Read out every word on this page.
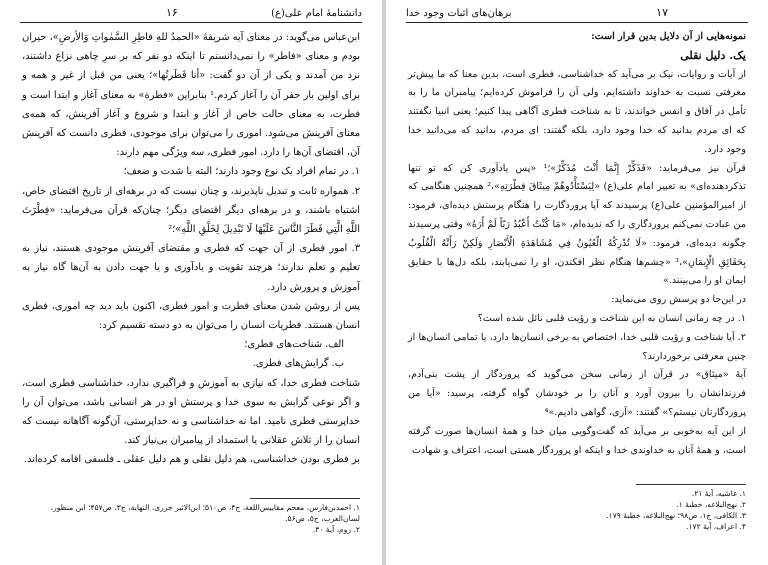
۱۶	دانشنامهٔ امام علی(ع)

ابن‌عباس می‌گوید: در معنای آیه شریفهٔ «الحمدُ للهِ فاطِرِ السَّمٰواتِ وَالأرضِ»، حیران بودم و معنای «فاطر» را نمی‌دانستم تا اینکه دو نفر که بر سرِ چاهی نزاع داشتند، نزد من آمدند و یکی از آن دو گفت: «أنا فَطَرتُها»؛ یعنی من قبل از غیر و همه و برای اولین بار حفر آن را آغاز کردم.¹ بنابراین «فطرة» به معنای آغاز و ابتدا است و فطرت، به معنای حالت خاص از آغاز و ابتدا و شروع و آغاز آفرینش، که همه‌ی معنای آفرینش می‌شود. اموری را می‌توان برای موجودی، فطری دانست که آفرینش آن، اقتضای آن‌ها را دارد. امور فطری، سه ویژگی مهم دارند:

۱. در تمام افراد یک نوع وجود دارند؛ البته با شدت و ضعف؛

۲. همواره ثابت و تبدیل ناپذیرند، و چنان نیست که در برهه‌ای از تاریخ اقتضای خاص، اشتیاه باشند، و در برهه‌ای دیگر اقتضای دیگر؛ چنان‌که قرآن می‌فرماید: «فِطْرَتَ اللَّهِ الَّتِي فَطَرَ النَّاسَ عَلَيْهَا لَا تَبْدِيلَ لِخَلْقِ اللَّهِ»؛²

۳. امور فطری از آن جهت که فطری و مقتضای آفرینش موجودی هستند، نیاز به تعلیم و تعلم ندارند؛ هرچند تقویت و یادآوری و یا جهت دادن به آن‌ها گاه نیاز به آموزش و پرورش دارد.

پس از روشن شدن معنای فطرت و امور فطری، اکنون باید دید چه اموری، فطری انسان هستند. فطریات انسان را می‌توان به دو دسته تقسیم کرد:

الف. شناخت‌های فطری؛

ب. گرایش‌های فطری.

شناخت فطری خدا، که نیازی به آموزش و فراگیری ندارد، خداشناسی فطری است، و اگر نوعی گرایش به سوی خدا و پرستش او در هر انسانی باشد، می‌توان آن را خداپرستی فطری نامید. اما نه خداشناسی و نه خداپرستی، آن‌گونه آگاهانه نیست که انسان را از تلاش عقلانی یا استمداد از پیامبران بی‌نیاز کند.

بر فطری بودن خداشناسی، هم دلیل نقلی و هم دلیل عقلی ـ فلسفی اقامه کرده‌اند.

۱. احمدبن‌فارس، معجم مقاییس‌اللغة، ج۴، ص۵۱۰؛ ابن‌الاثیر جزری، النهایة، ج۳، ص۴۵۷؛ ابن منظور، لسان‌العرب، ج۵، ص۵۶.
۲. روم، آیهٔ ۳۰.
۱۷
برهان‌های اثبات وجود خدا

نمونه‌هایی از آن دلایل بدین قرار است:

یک. دلیل نقلی

از آیات و روایات، نیک بر می‌آید که خداشناسی، فطری است، بدین معنا که ما پیش‌تر معرفتی نسبت به خداوند داشته‌ایم، ولی آن را فراموش کرده‌ایم؛ پیامبران ما را به تأمل در آفاق و انفس خواندند، تا به شناخت فطری آگاهی پیدا کنیم؛ یعنی انبیا نگفتند که ای مردم بدانید که خدا وجود دارد، بلکه گفتند: ای مردم، بدانید که می‌دانید خدا وجود دارد.

قرآن نیز می‌فرماید: «فَذَكِّرْ إِنَّمَا أَنْتَ مُذَكِّرٌ»؛¹ «پس یادآوری کن که تو تنها تذکردهنده‌ای» به تعبیر امام علی(ع) «لِيَسْتَأْدُوهُمْ مِيثَاقَ فِطْرَتِهِ»،² همچنین هنگامی که از امیرالمؤمنین علی(ع) پرسیدند که آیا پروردگارت را هنگام پرستش دیده‌ای، فرمود: من عبادت نمی‌کنم پروردگاری را که ندیده‌ام، «مَا كُنْتُ أَعْبُدُ رَبّاً لَمْ أَرَهُ» وقتی پرسیدند چگونه دیده‌ای، فرمود: «لَا تُدْرِكُهُ الْعُيُونُ فِي مُشَاهَدَةِ الْأَبْصَارِ وَلَكِنْ رَأَتْهُ الْقُلُوبُ بِحَقَائِقِ الْإِيمَانِ»،³ «چشم‌ها هنگام نظر افکندن، او را نمی‌یابند، بلکه دل‌ها با حقایق ایمان او را می‌بینند.»

در این‌جا دو پرسش روی می‌نماید:

۱. در چه زمانی انسان به این شناخت و رؤیت قلبی نائل شده است؟

۲. آیا شناخت و رؤیت قلبی خدا، اختصاص به برخی انسان‌ها دارد، یا تمامی انسان‌ها از چنین معرفتی برخوردارند؟

آیهٔ «میثاق» در قرآن از زمانی سخن می‌گوید که پروردگار از پشت بنی‌آدم، فرزندانشان را بیرون آورد و آنان را بر خودشان گواه گرفته، پرسید: «آیا من پروردگارتان نیستم؟» گفتند: «آری، گواهی دادیم.»⁴

از این آیه به‌خوبی بر می‌آید که گفت‌وگویی میان خدا و همهٔ انسان‌ها صورت گرفته است، و همهٔ آنان به خداوندی خدا و اینکه او پروردگار هستی است، اعتراف و شهادت

۱. غاشیه، آیهٔ ۲۱.
۲. نهج‌البلاغه، خطبهٔ ۱.
۳. الکافی، ج۱، ص۹۸؛ نهج‌البلاغه، خطبهٔ ۱۷۹.
۴. اعراف، آیهٔ ۱۷۲.
